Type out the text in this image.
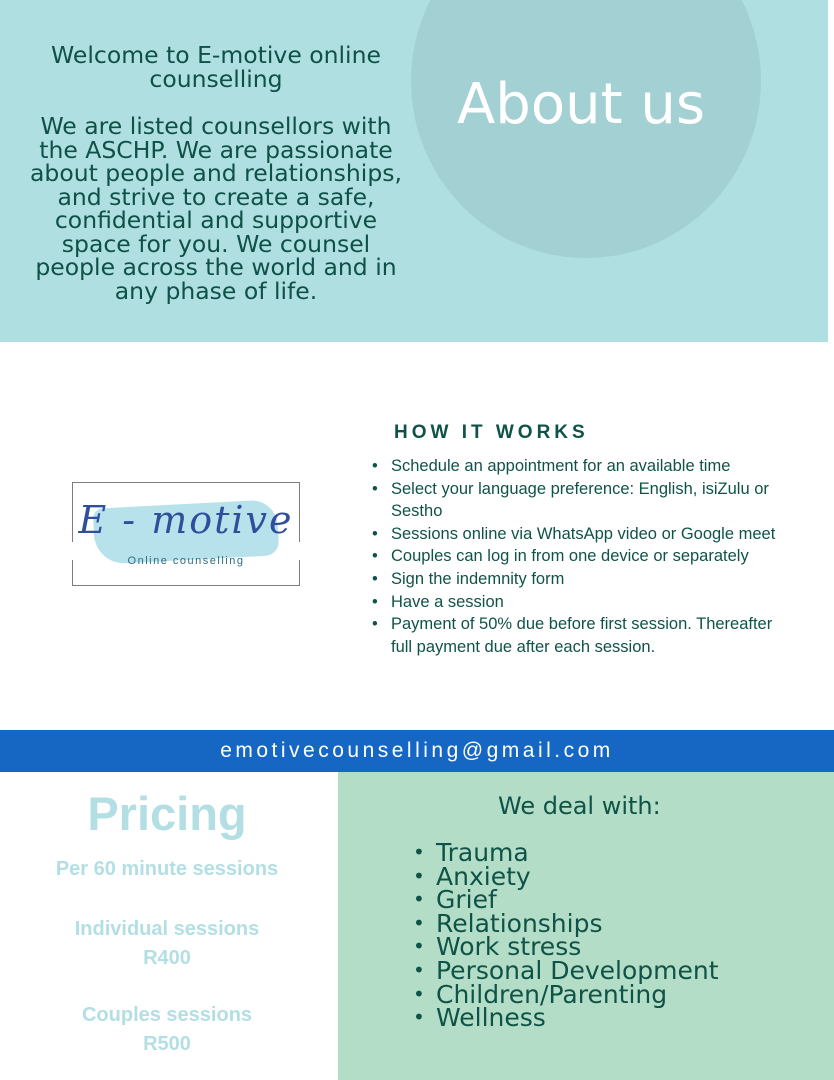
About us

Welcome to E-motive online counselling

We are listed counsellors with the ASCHP. We are passionate about people and relationships, and strive to create a safe, confidential and supportive space for you. We counsel people across the world and in any phase of life.

E - motive
Online counselling
HOW IT WORKS
• Schedule an appointment for an available time
• Select your language preference: English, isiZulu or Sestho
• Sessions online via WhatsApp video or Google meet
• Couples can log in from one device or separately
• Sign the indemnity form
• Have a session
• Payment of 50% due before first session. Thereafter full payment due after each session.
emotivecounselling@gmail.com
Pricing
Per 60 minute sessions
Individual sessions
R400
Couples sessions
R500
We deal with:
• Trauma
• Anxiety
• Grief
• Relationships
• Work stress
• Personal Development
• Children/Parenting
• Wellness
